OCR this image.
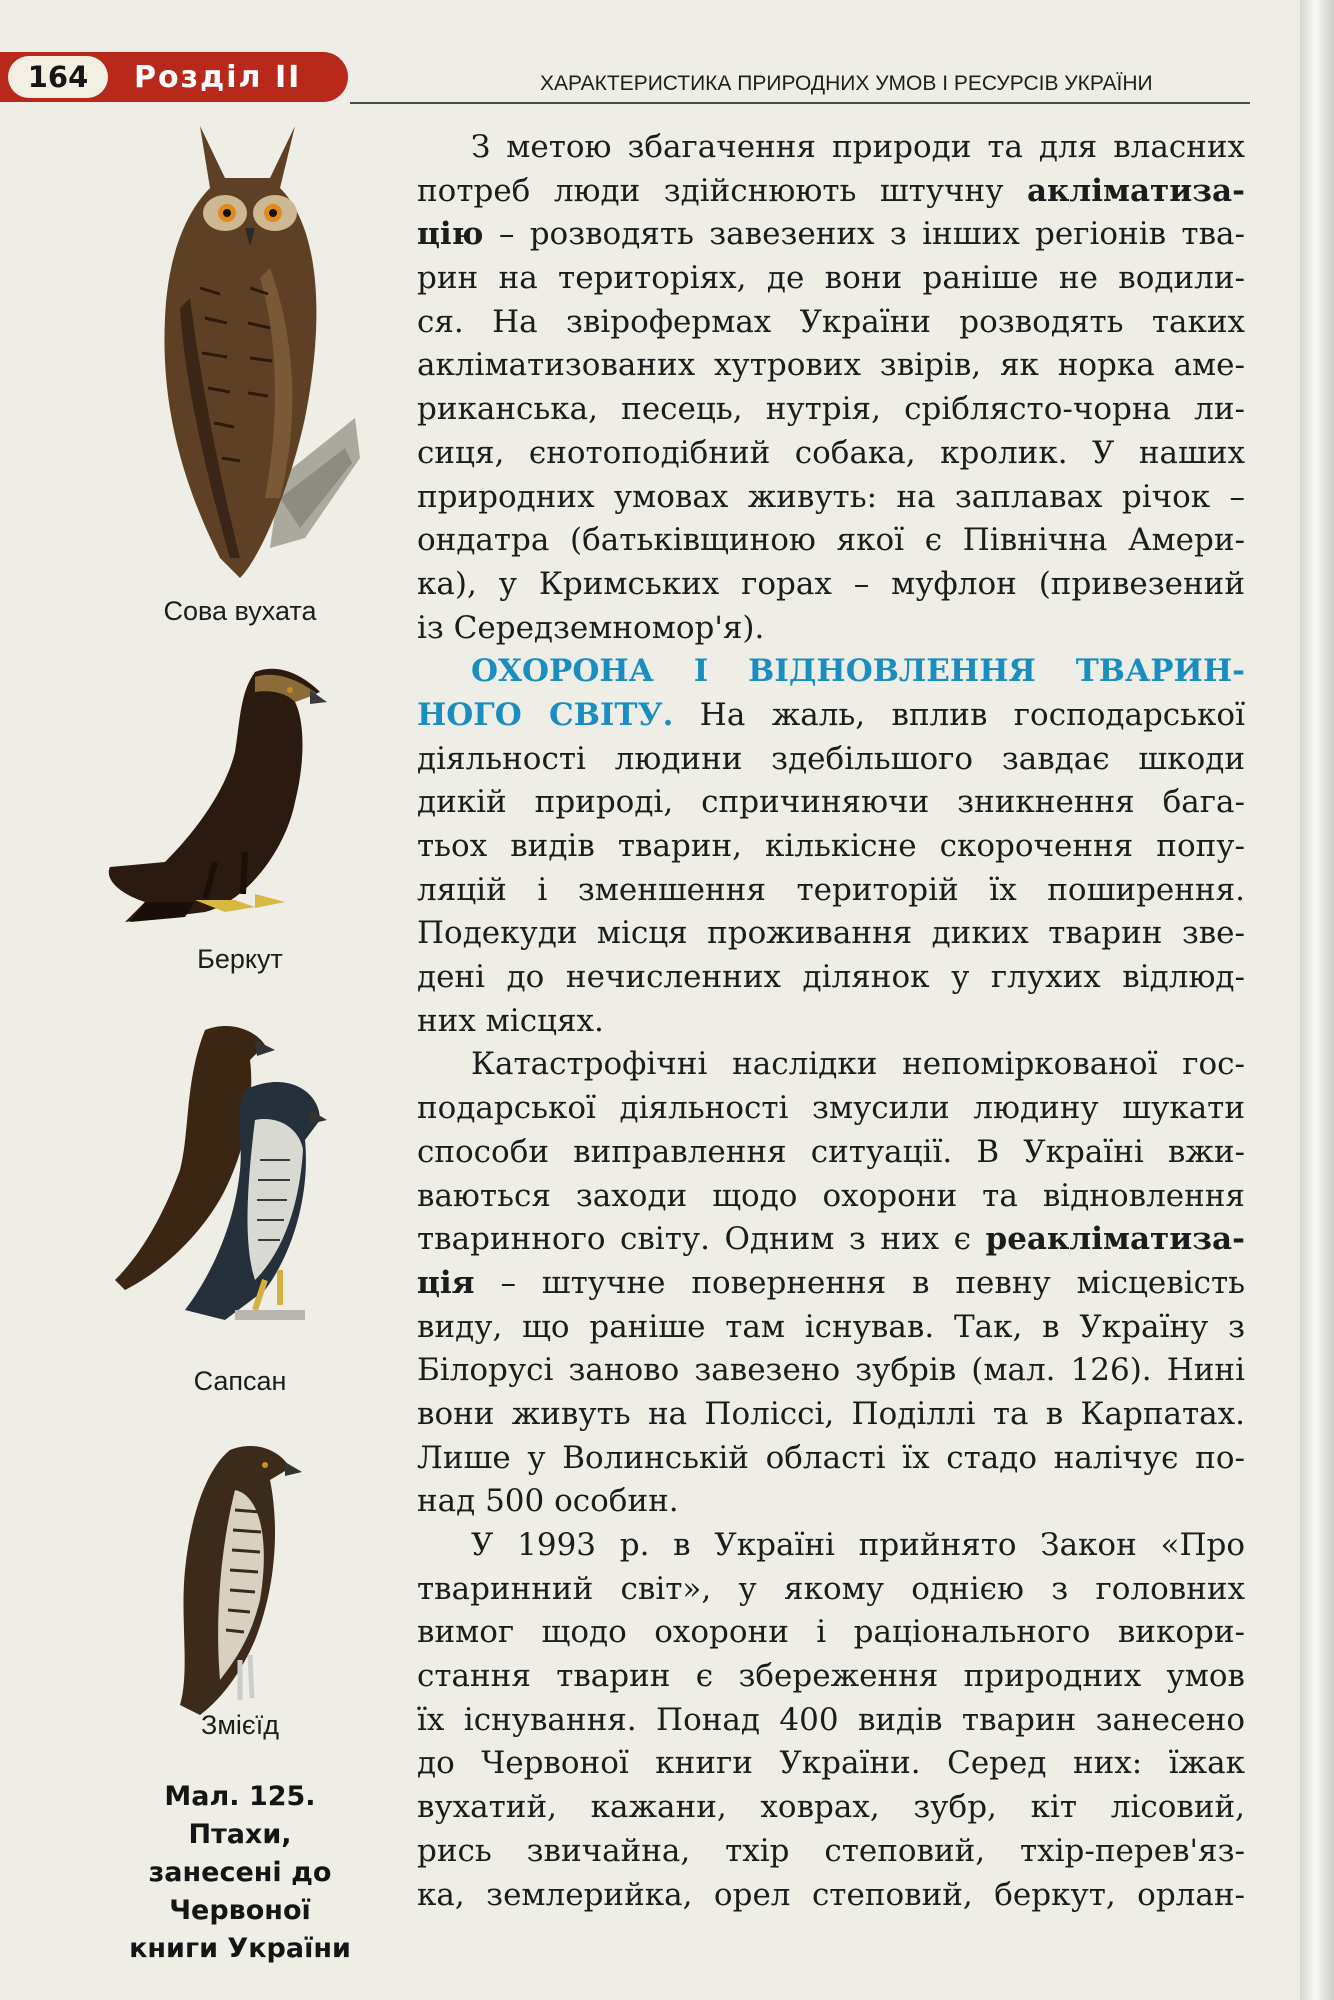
164	Розділ II	ХАРАКТЕРИСТИКА ПРИРОДНИХ УМОВ І РЕСУРСІВ УКРАЇНИ
Сова вухата
Беркут
Сапсан
Змієїд
Мал. 125.
Птахи,
занесені до
Червоної
книги України
З метою збагачення природи та для власних
потреб люди здійснюють штучну акліматиза-
цію – розводять завезених з інших регіонів тва-
рин на територіях, де вони раніше не водили-
ся. На звірофермах України розводять таких
акліматизованих хутрових звірів, як норка аме-
риканська, песець, нутрія, сріблясто-чорна ли-
сиця, єнотоподібний собака, кролик. У наших
природних умовах живуть: на заплавах річок –
ондатра (батьківщиною якої є Північна Амери-
ка), у Кримських горах – муфлон (привезений
із Середземномор'я).
ОХОРОНА І ВІДНОВЛЕННЯ ТВАРИН-
НОГО СВІТУ. На жаль, вплив господарської
діяльності людини здебільшого завдає шкоди
дикій природі, спричиняючи зникнення бага-
тьох видів тварин, кількісне скорочення попу-
ляцій і зменшення територій їх поширення.
Подекуди місця проживання диких тварин зве-
дені до нечисленних ділянок у глухих відлюд-
них місцях.
Катастрофічні наслідки непоміркованої гос-
подарської діяльності змусили людину шукати
способи виправлення ситуації. В Україні вжи-
ваються заходи щодо охорони та відновлення
тваринного світу. Одним з них є реакліматиза-
ція – штучне повернення в певну місцевість
виду, що раніше там існував. Так, в Україну з
Білорусі заново завезено зубрів (мал. 126). Нині
вони живуть на Поліссі, Поділлі та в Карпатах.
Лише у Волинській області їх стадо налічує по-
над 500 особин.
У 1993 р. в Україні прийнято Закон «Про
тваринний світ», у якому однією з головних
вимог щодо охорони і раціонального викори-
стання тварин є збереження природних умов
їх існування. Понад 400 видів тварин занесено
до Червоної книги України. Серед них: їжак
вухатий, кажани, ховрах, зубр, кіт лісовий,
рись звичайна, тхір степовий, тхір-перев'яз-
ка, землерийка, орел степовий, беркут, орлан-
